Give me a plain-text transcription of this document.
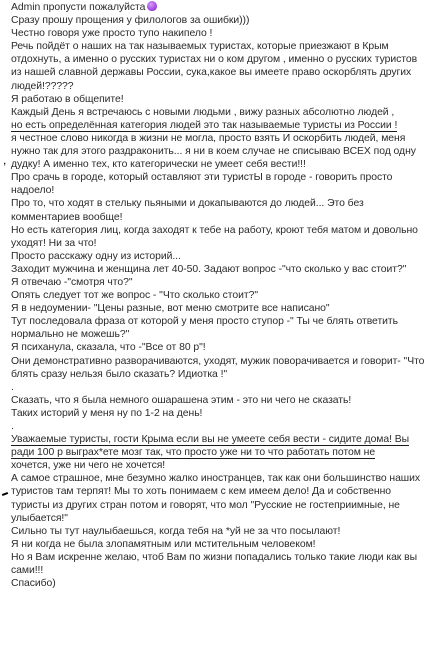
Admin пропусти пожалуйста

Сразу прошу прощения у филологов за ошибки)))

Честно говоря уже просто тупо накипело !

Речь пойдёт о наших на так называемых туристах, которые приезжают в Крым отдохнуть, а именно о русских туристах ни о ком другом , именно о русских туристов из нашей славной державы России, сука,какое вы имеете право оскорблять других людей!?????

Я работаю в общепите!

Каждый День я встречаюсь с новыми людьми , вижу разных абсолютно людей ,

но есть определённая категория людей это так называемые туристы из России !

я честное слово никогда в жизни не могла, просто взять И оскорбить людей, меня нужно так для этого раздраконить... я ни в коем случае не списываю ВСЕХ под одну дудку! А именно тех, кто категорически не умеет себя вести!!!

Про срачь в городе, который оставляют эти туристЫ в городе - говорить просто надоело!

Про то, что ходят в стельку пьяными и докапываются до людей... Это без комментариев вообще!

Но есть категория лиц, когда заходят к тебе на работу, кроют тебя матом и довольно уходят! Ни за что!

Просто расскажу одну из историй...

Заходит мужчина и женщина лет 40-50. Задают вопрос -"что сколько у вас стоит?"

Я отвечаю -"смотря что?"

Опять следует тот же вопрос - "Что сколько стоит?"

Я в недоумении- "Цены разные, вот меню смотрите все написано"

Тут последовала фраза от которой у меня просто ступор -" Ты че блять ответить нормально не можешь?"

Я психанула, сказала, что -"Все от 80 р"!

Они демонстративно разворачиваются, уходят, мужик поворачивается и говорит- "Что блять сразу нельзя было сказать? Идиотка !"

.

Сказать, что я была немного ошарашена этим - это ни чего не сказать!

Таких историй у меня ну по 1-2 на день!

.

Уважаемые туристы, гости Крыма если вы не умеете себя вести - сидите дома! Вы

ради 100 р выграх*ете мозг так, что просто уже ни то что работать потом не

хочется, уже ни чего не хочется!

А самое страшное, мне безумно жалко иностранцев, так как они большинство наших туристов там терпят! Мы то хоть понимаем с кем имеем дело! Да и собственно туристы из других стран потом и говорят, что мол "Русские не гостеприимные, не улыбается!"

Сильно ты тут наулыбаешься, когда тебя на *уй не за что посылают!

Я ни когда не была злопамятным или мстительным человеком!

Но я Вам искренне желаю, чтоб Вам по жизни попадались только такие люди как вы сами!!!

Спасибо)

,
